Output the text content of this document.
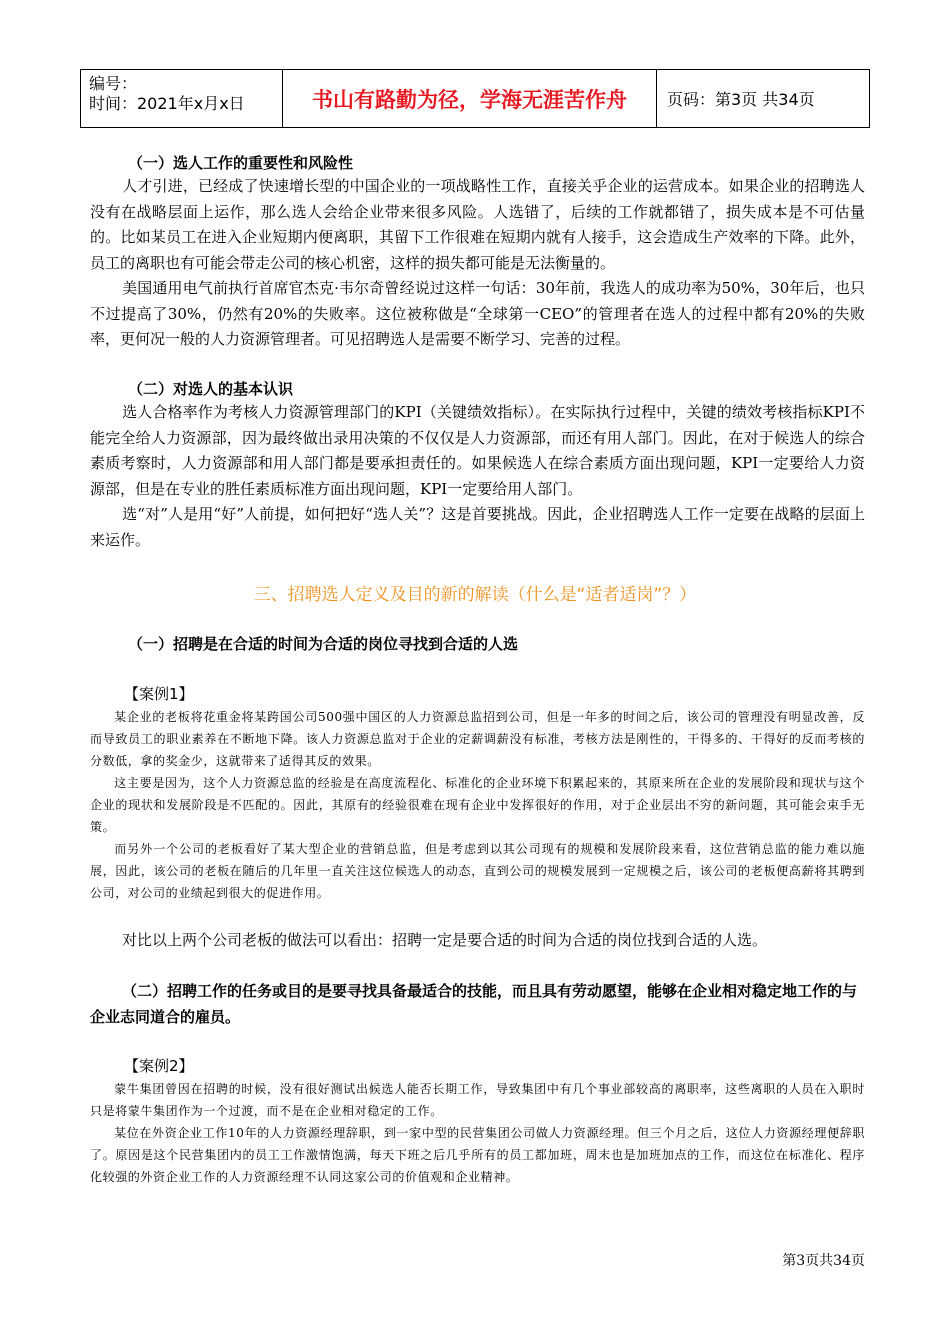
编号：
时间：2021年x月x日	书山有路勤为径，学海无涯苦作舟	页码：第3页 共34页
（一）选人工作的重要性和风险性
人才引进，已经成了快速增长型的中国企业的一项战略性工作，直接关乎企业的运营成本。如果企业的招聘选人没有在战略层面上运作，那么选人会给企业带来很多风险。人选错了，后续的工作就都错了，损失成本是不可估量的。比如某员工在进入企业短期内便离职，其留下工作很难在短期内就有人接手，这会造成生产效率的下降。此外，员工的离职也有可能会带走公司的核心机密，这样的损失都可能是无法衡量的。
美国通用电气前执行首席官杰克·韦尔奇曾经说过这样一句话：30年前，我选人的成功率为50%，30年后，也只不过提高了30%，仍然有20%的失败率。这位被称做是“全球第一CEO”的管理者在选人的过程中都有20%的失败率，更何况一般的人力资源管理者。可见招聘选人是需要不断学习、完善的过程。
（二）对选人的基本认识
选人合格率作为考核人力资源管理部门的KPI（关键绩效指标）。在实际执行过程中，关键的绩效考核指标KPI不能完全给人力资源部，因为最终做出录用决策的不仅仅是人力资源部，而还有用人部门。因此，在对于候选人的综合素质考察时，人力资源部和用人部门都是要承担责任的。如果候选人在综合素质方面出现问题，KPI一定要给人力资源部，但是在专业的胜任素质标准方面出现问题，KPI一定要给用人部门。
选“对”人是用“好”人前提，如何把好“选人关”？这是首要挑战。因此，企业招聘选人工作一定要在战略的层面上来运作。
三、招聘选人定义及目的新的解读（什么是“适者适岗”？）
（一）招聘是在合适的时间为合适的岗位寻找到合适的人选
【案例1】
某企业的老板将花重金将某跨国公司500强中国区的人力资源总监招到公司，但是一年多的时间之后，该公司的管理没有明显改善，反而导致员工的职业素养在不断地下降。该人力资源总监对于企业的定薪调薪没有标准，考核方法是刚性的，干得多的、干得好的反而考核的分数低，拿的奖金少，这就带来了适得其反的效果。
这主要是因为，这个人力资源总监的经验是在高度流程化、标准化的企业环境下积累起来的，其原来所在企业的发展阶段和现状与这个企业的现状和发展阶段是不匹配的。因此，其原有的经验很难在现有企业中发挥很好的作用，对于企业层出不穷的新问题，其可能会束手无策。
而另外一个公司的老板看好了某大型企业的营销总监，但是考虑到以其公司现有的规模和发展阶段来看，这位营销总监的能力难以施展，因此，该公司的老板在随后的几年里一直关注这位候选人的动态，直到公司的规模发展到一定规模之后，该公司的老板便高薪将其聘到公司，对公司的业绩起到很大的促进作用。
对比以上两个公司老板的做法可以看出：招聘一定是要合适的时间为合适的岗位找到合适的人选。
（二）招聘工作的任务或目的是要寻找具备最适合的技能，而且具有劳动愿望，能够在企业相对稳定地工作的与企业志同道合的雇员。
【案例2】
蒙牛集团曾因在招聘的时候，没有很好测试出候选人能否长期工作，导致集团中有几个事业部较高的离职率，这些离职的人员在入职时只是将蒙牛集团作为一个过渡，而不是在企业相对稳定的工作。
某位在外资企业工作10年的人力资源经理辞职，到一家中型的民营集团公司做人力资源经理。但三个月之后，这位人力资源经理便辞职了。原因是这个民营集团内的员工工作激情饱满，每天下班之后几乎所有的员工都加班，周末也是加班加点的工作，而这位在标准化、程序化较强的外资企业工作的人力资源经理不认同这家公司的价值观和企业精神。
第3页共34页
